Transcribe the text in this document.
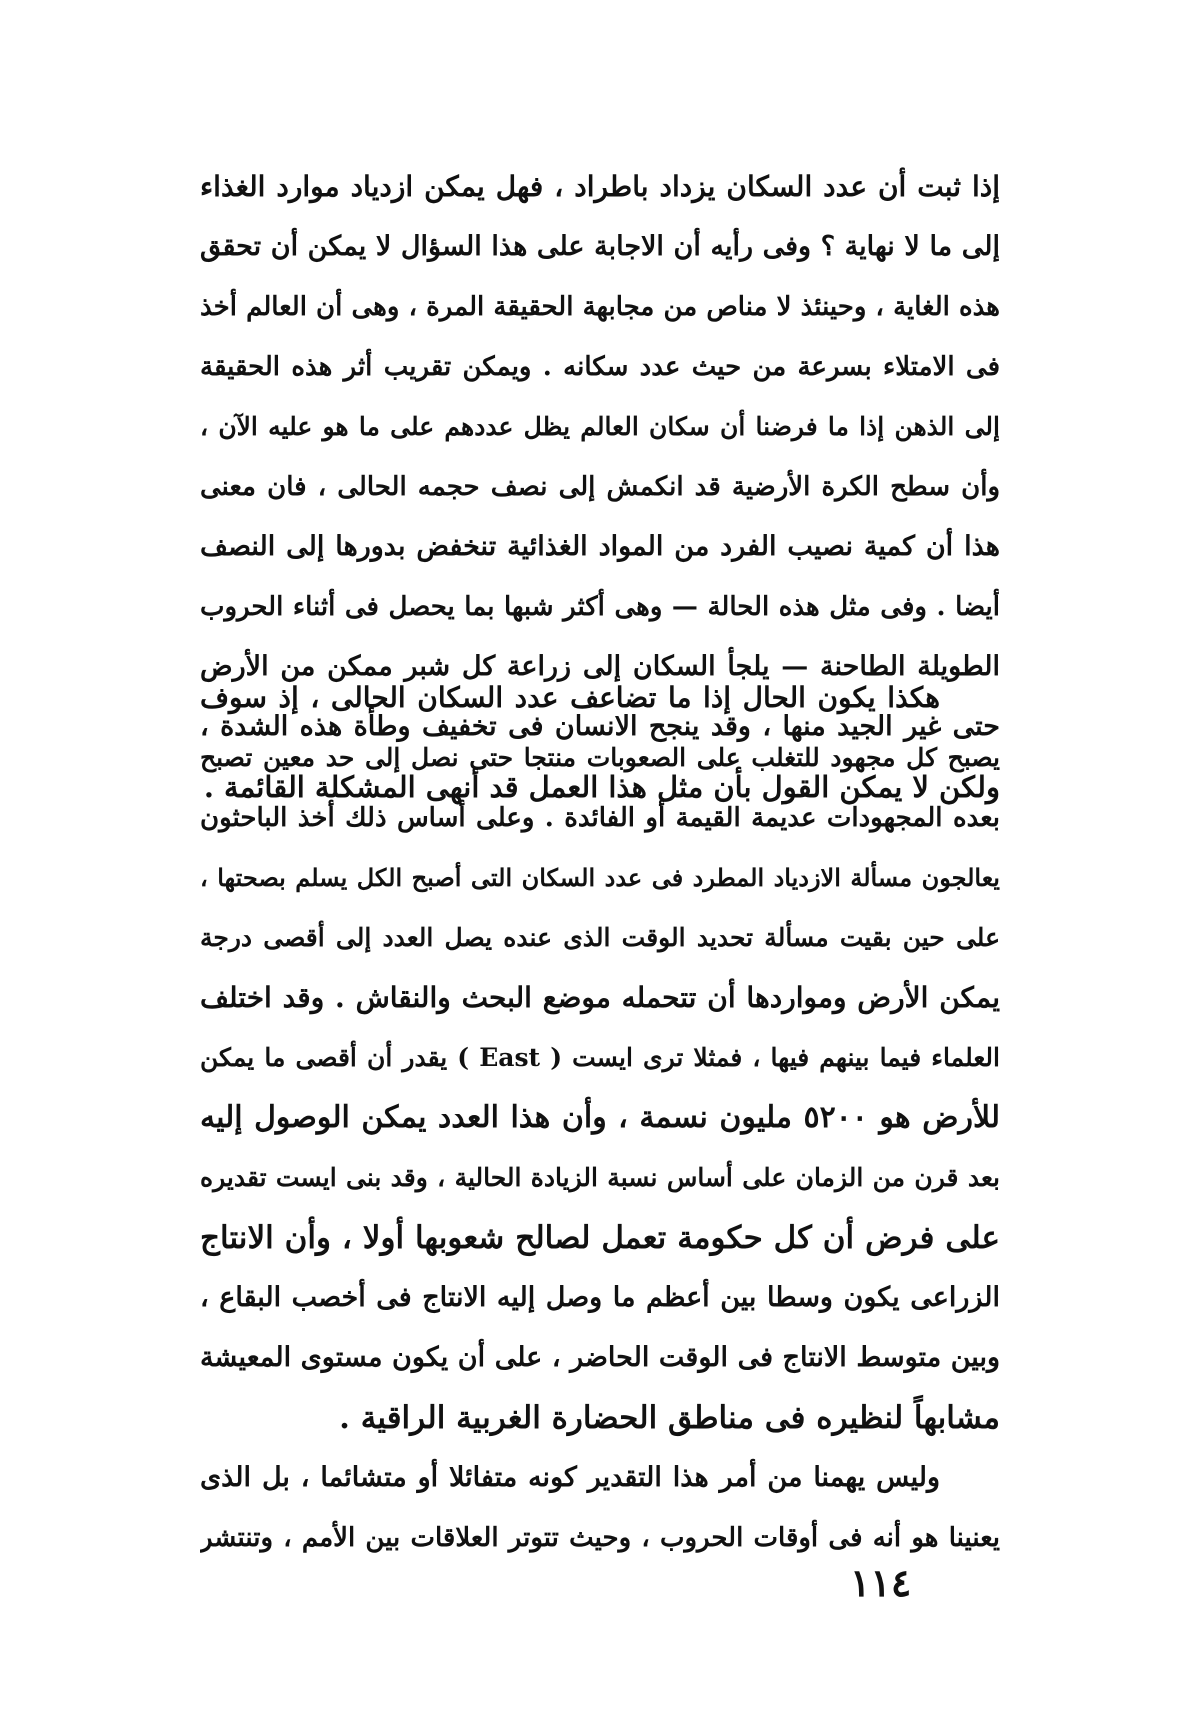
إذا ثبت أن عدد السكان يزداد باطراد ، فهل يمكن ازدياد موارد الغذاء
إلى ما لا نهاية ؟ وفى رأيه أن الاجابة على هذا السؤال لا يمكن أن تحقق
هذه الغاية ، وحينئذ لا مناص من مجابهة الحقيقة المرة ، وهى أن العالم أخذ
فى الامتلاء بسرعة من حيث عدد سكانه . ويمكن تقريب أثر هذه الحقيقة
إلى الذهن إذا ما فرضنا أن سكان العالم يظل عددهم على ما هو عليه الآن ،
وأن سطح الكرة الأرضية قد انكمش إلى نصف حجمه الحالى ، فان معنى
هذا أن كمية نصيب الفرد من المواد الغذائية تنخفض بدورها إلى النصف
أيضا . وفى مثل هذه الحالة — وهى أكثر شبها بما يحصل فى أثناء الحروب
الطويلة الطاحنة — يلجأ السكان إلى زراعة كل شبر ممكن من الأرض
حتى غير الجيد منها ، وقد ينجح الانسان فى تخفيف وطأة هذه الشدة ،
ولكن لا يمكن القول بأن مثل هذا العمل قد أنهى المشكلة القائمة .
هكذا يكون الحال إذا ما تضاعف عدد السكان الحالى ، إذ سوف
يصبح كل مجهود للتغلب على الصعوبات منتجا حتى نصل إلى حد معين تصبح
بعده المجهودات عديمة القيمة أو الفائدة . وعلى أساس ذلك أخذ الباحثون
يعالجون مسألة الازدياد المطرد فى عدد السكان التى أصبح الكل يسلم بصحتها ،
على حين بقيت مسألة تحديد الوقت الذى عنده يصل العدد إلى أقصى درجة
يمكن الأرض ومواردها أن تتحمله موضع البحث والنقاش . وقد اختلف
العلماء فيما بينهم فيها ، فمثلا ترى ايست ( East ) يقدر أن أقصى ما يمكن
للأرض هو ٥٢٠٠ مليون نسمة ، وأن هذا العدد يمكن الوصول إليه
بعد قرن من الزمان على أساس نسبة الزيادة الحالية ، وقد بنى ايست تقديره
على فرض أن كل حكومة تعمل لصالح شعوبها أولا ، وأن الانتاج
الزراعى يكون وسطا بين أعظم ما وصل إليه الانتاج فى أخصب البقاع ،
وبين متوسط الانتاج فى الوقت الحاضر ، على أن يكون مستوى المعيشة
مشابهاً لنظيره فى مناطق الحضارة الغربية الراقية .
وليس يهمنا من أمر هذا التقدير كونه متفائلا أو متشائما ، بل الذى
يعنينا هو أنه فى أوقات الحروب ، وحيث تتوتر العلاقات بين الأمم ، وتنتشر
١١٤
